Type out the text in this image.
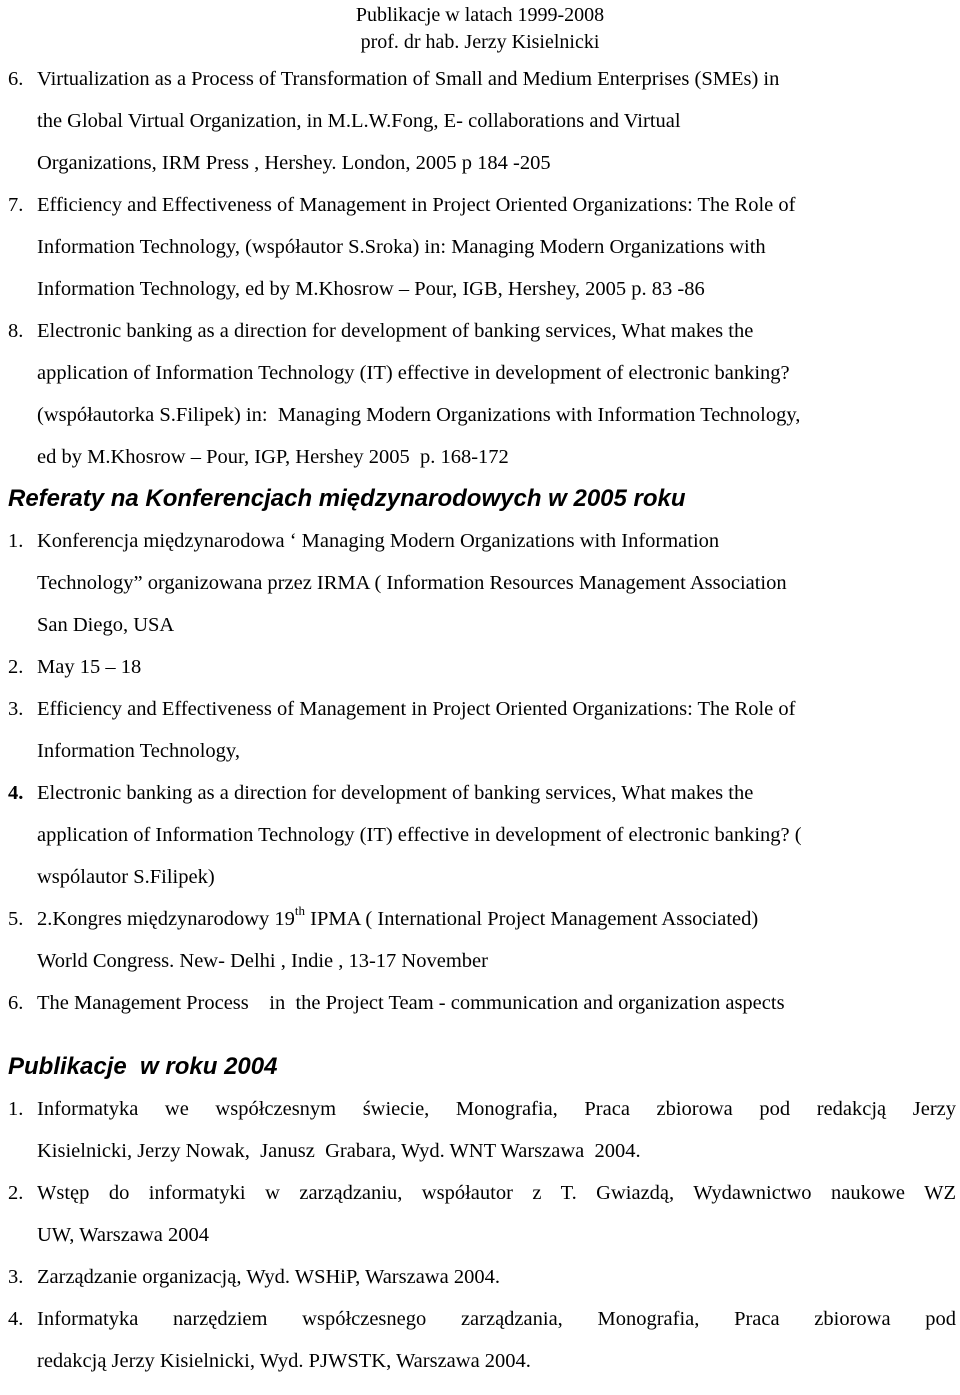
Publikacje w latach 1999-2008
prof. dr hab. Jerzy Kisielnicki
6. Virtualization as a Process of Transformation of Small and Medium Enterprises (SMEs) in
the Global Virtual Organization, in M.L.W.Fong, E- collaborations and Virtual
Organizations, IRM Press , Hershey. London, 2005 p 184 -205
7. Efficiency and Effectiveness of Management in Project Oriented Organizations: The Role of
Information Technology, (współautor S.Sroka) in: Managing Modern Organizations with
Information Technology, ed by M.Khosrow – Pour, IGB, Hershey, 2005 p. 83 -86
8. Electronic banking as a direction for development of banking services, What makes the
application of Information Technology (IT) effective in development of electronic banking?
(współautorka S.Filipek) in:  Managing Modern Organizations with Information Technology,
ed by M.Khosrow – Pour, IGP, Hershey 2005  p. 168-172
Referaty na Konferencjach międzynarodowych w 2005 roku
1. Konferencja międzynarodowa ‘ Managing Modern Organizations with Information
Technology” organizowana przez IRMA ( Information Resources Management Association
San Diego, USA
2. May 15 – 18
3. Efficiency and Effectiveness of Management in Project Oriented Organizations: The Role of
Information Technology,
4. Electronic banking as a direction for development of banking services, What makes the
application of Information Technology (IT) effective in development of electronic banking? (
wspólautor S.Filipek)
5. 2.Kongres międzynarodowy 19th IPMA ( International Project Management Associated)
World Congress. New- Delhi , Indie , 13-17 November
6. The Management Process    in  the Project Team - communication and organization aspects
Publikacje  w roku 2004
1. Informatyka we współczesnym świecie, Monografia, Praca zbiorowa pod redakcją Jerzy
Kisielnicki, Jerzy Nowak,  Janusz  Grabara, Wyd. WNT Warszawa  2004.
2. Wstęp do informatyki w zarządzaniu, współautor z T. Gwiazdą, Wydawnictwo naukowe WZ
UW, Warszawa 2004
3. Zarządzanie organizacją, Wyd. WSHiP, Warszawa 2004.
4. Informatyka narzędziem współczesnego zarządzania, Monografia, Praca zbiorowa pod
redakcją Jerzy Kisielnicki, Wyd. PJWSTK, Warszawa 2004.
